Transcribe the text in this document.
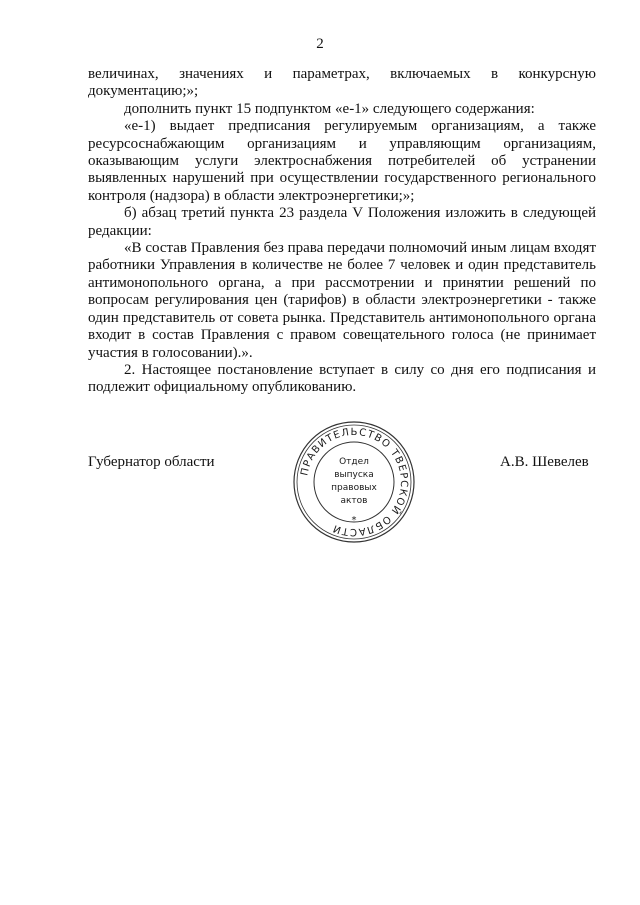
2

величинах, значениях и параметрах, включаемых в конкурсную документацию;»;

дополнить пункт 15 подпунктом «е-1» следующего содержания:

«е-1) выдает предписания регулируемым организациям, а также ресурсоснабжающим организациям и управляющим организациям, оказывающим услуги электроснабжения потребителей об устранении выявленных нарушений при осуществлении государственного регионального контроля (надзора) в области электроэнергетики;»;

б) абзац третий пункта 23 раздела V Положения изложить в следующей редакции:

«В состав Правления без права передачи полномочий иным лицам входят работники Управления в количестве не более 7 человек и один представитель антимонопольного органа, а при рассмотрении и принятии решений по вопросам регулирования цен (тарифов) в области электроэнергетики - также один представитель от совета рынка. Представитель антимонопольного органа входит в состав Правления с правом совещательного голоса (не принимает участия в голосовании).».

2. Настоящее постановление вступает в силу со дня его подписания и подлежит официальному опубликованию.

Губернатор области	А.В. Шевелев
ПРАВИТЕЛЬСТВО ТВЕРСКОЙ ОБЛАСТИ
Отдел
выпуска
правовых
актов
*
